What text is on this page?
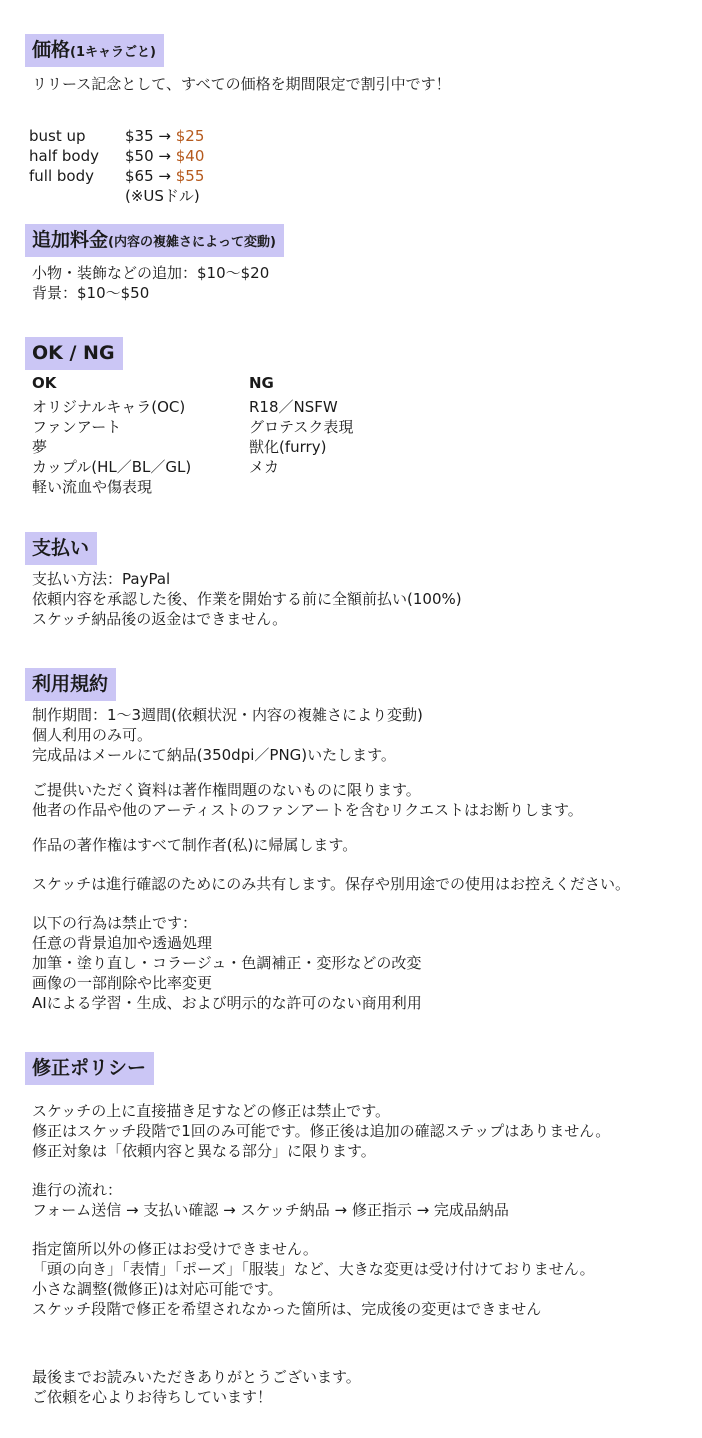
価格(1キャラごと)
リリース記念として、すべての価格を期間限定で割引中です！
bust up
half body
full body
$35 → $25
$50 → $40
$65 → $55
(※USドル)
追加料金(内容の複雑さによって変動)
小物・装飾などの追加：$10〜$20
背景：$10〜$50
OK / NG
OK	NG
オリジナルキャラ(OC)
ファンアート
夢
カップル(HL／BL／GL)
軽い流血や傷表現
R18／NSFW
グロテスク表現
獣化(furry)
メカ
支払い
支払い方法：PayPal
依頼内容を承認した後、作業を開始する前に全額前払い(100%)
スケッチ納品後の返金はできません。
利用規約
制作期間：1〜3週間(依頼状況・内容の複雑さにより変動)
個人利用のみ可。
完成品はメールにて納品(350dpi／PNG)いたします。
ご提供いただく資料は著作権問題のないものに限ります。
他者の作品や他のアーティストのファンアートを含むリクエストはお断りします。
作品の著作権はすべて制作者(私)に帰属します。
スケッチは進行確認のためにのみ共有します。保存や別用途での使用はお控えください。
以下の行為は禁止です：
任意の背景追加や透過処理
加筆・塗り直し・コラージュ・色調補正・変形などの改変
画像の一部削除や比率変更
AIによる学習・生成、および明示的な許可のない商用利用
修正ポリシー
スケッチの上に直接描き足すなどの修正は禁止です。
修正はスケッチ段階で1回のみ可能です。修正後は追加の確認ステップはありません。
修正対象は「依頼内容と異なる部分」に限ります。
進行の流れ：
フォーム送信 → 支払い確認 → スケッチ納品 → 修正指示 → 完成品納品
指定箇所以外の修正はお受けできません。
「頭の向き」「表情」「ポーズ」「服装」など、大きな変更は受け付けておりません。
小さな調整(微修正)は対応可能です。
スケッチ段階で修正を希望されなかった箇所は、完成後の変更はできません
最後までお読みいただきありがとうございます。
ご依頼を心よりお待ちしています！
